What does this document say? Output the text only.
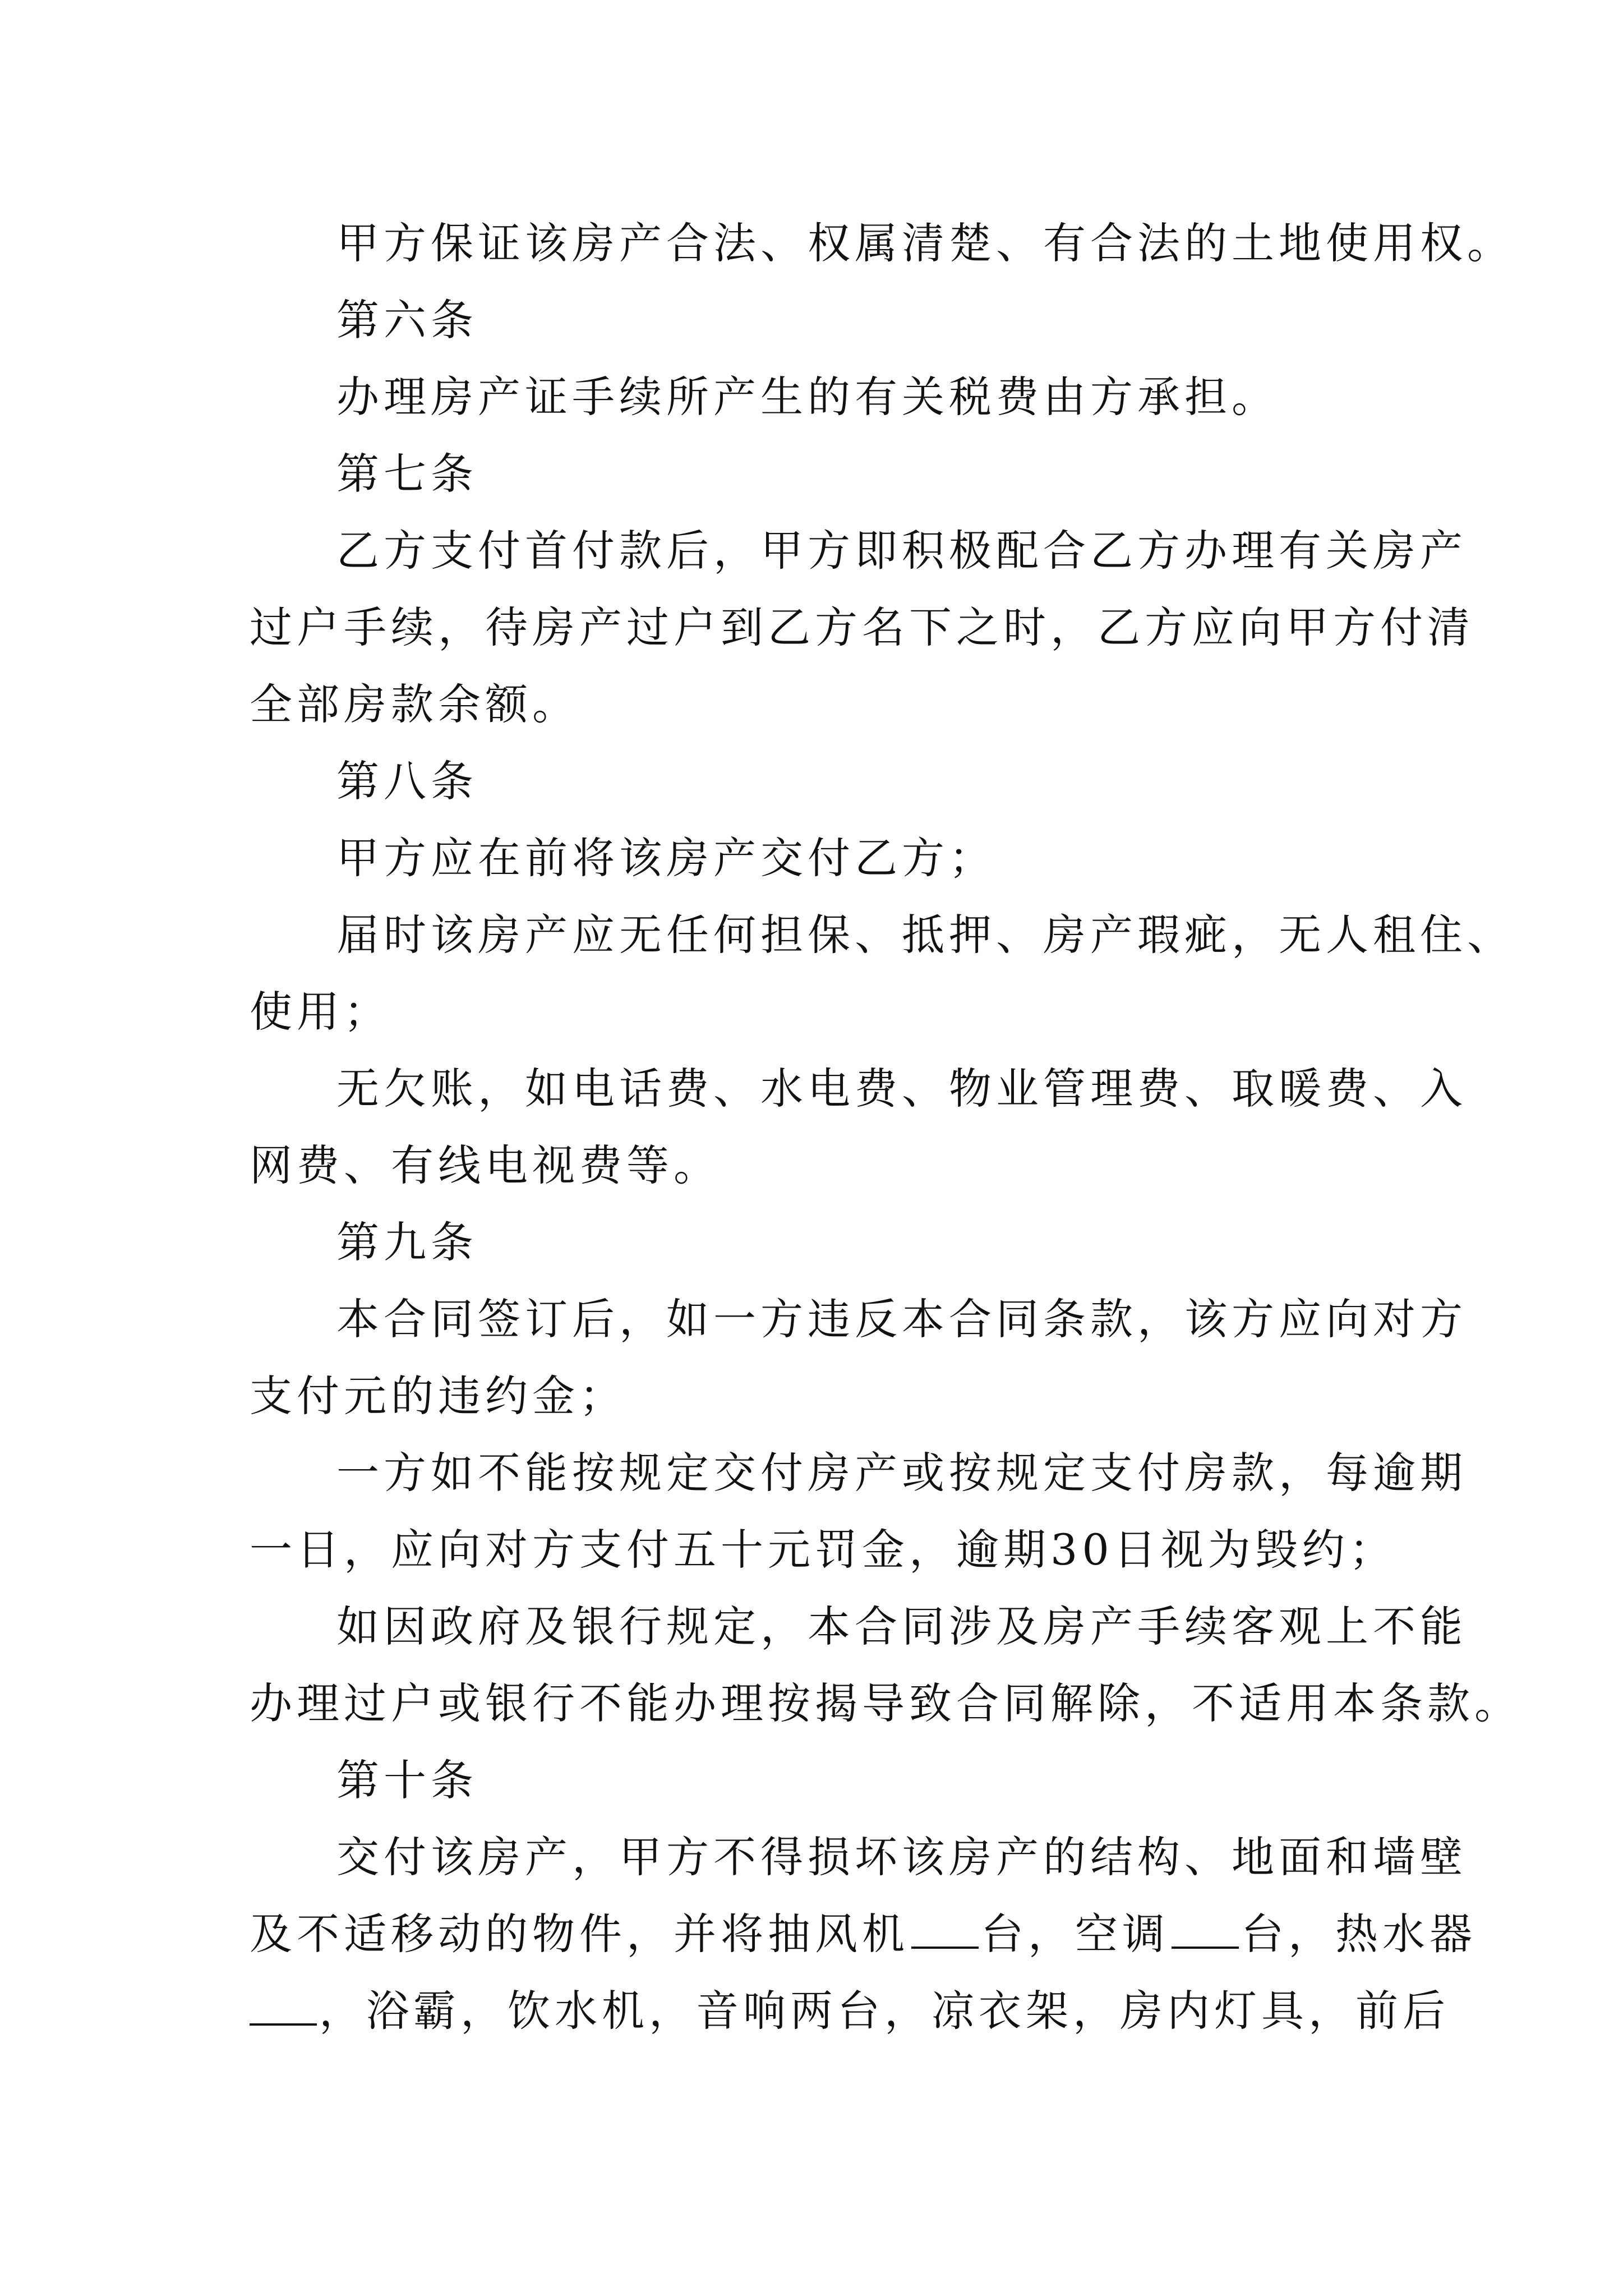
甲方保证该房产合法、权属清楚、有合法的土地使用权。
第六条
办理房产证手续所产生的有关税费由方承担。
第七条
乙方支付首付款后，甲方即积极配合乙方办理有关房产
过户手续，待房产过户到乙方名下之时，乙方应向甲方付清
全部房款余额。
第八条
甲方应在前将该房产交付乙方；
届时该房产应无任何担保、抵押、房产瑕疵，无人租住、
使用；
无欠账，如电话费、水电费、物业管理费、取暖费、入
网费、有线电视费等。
第九条
本合同签订后，如一方违反本合同条款，该方应向对方
支付元的违约金；
一方如不能按规定交付房产或按规定支付房款，每逾期
一日，应向对方支付五十元罚金，逾期30日视为毁约；
如因政府及银行规定，本合同涉及房产手续客观上不能
办理过户或银行不能办理按揭导致合同解除，不适用本条款。
第十条
交付该房产，甲方不得损坏该房产的结构、地面和墙壁
及不适移动的物件，并将抽风机 台，空调 台，热水器
，浴霸，饮水机，音响两台，凉衣架，房内灯具，前后
